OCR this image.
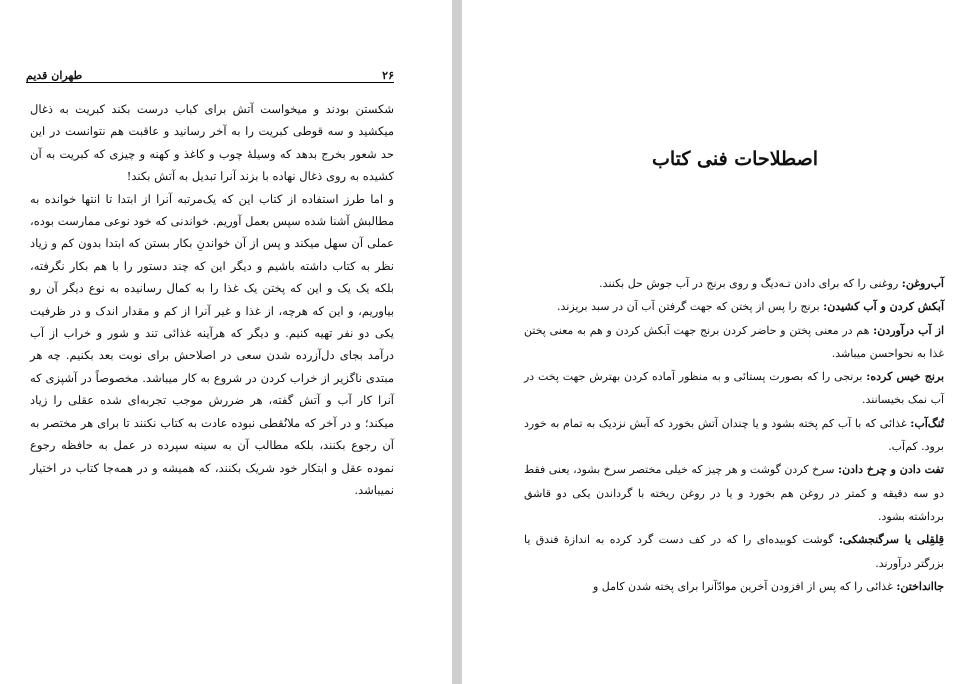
طهران قدیم	۲۶

شکستن بودند و میخواست آتش برای کباب درست بکند کبریت به ذغال میکشید و سه قوطی کبریت را به آخر رسانید و عاقبت هم نتوانست در این حد شعور بخرج بدهد که وسیلهٔ چوب و کاغذ و کهنه و چیزی که کبریت به آن کشیده به روی ذغال نهاده با بزند آنرا تبدیل به آتش بکند!

و اما طرز استفاده از کتاب این که یک‌مرتبه آنرا از ابتدا تا انتها خوانده به مطالبش آشنا شده سپس بعمل آوریم. خواندنی که خود نوعی ممارست بوده، عملی آن سهل میکند و پس از آن خواندنِ بکار بستن که ابتدا بدون کم و زیاد نظر به کتاب داشته باشیم و دیگر این که چند دستور را با هم بکار نگرفته، بلکه یک یک و این که پختن یک غذا را به کمال رسانیده به نوع دیگر آن رو بیاوریم، و این که هرچه، از غذا و غیر آنرا از کم و مقدار اندک و در ظرفیت یکی دو نفر تهیه کنیم. و دیگر که هرآینه غذائی تند و شور و خراب از آب درآمد بجای دل‌آزرده شدن سعی در اصلاحش برای نوبت بعد بکنیم. چه هر مبتدی ناگزیر از خراب کردن در شروع به کار میباشد. مخصوصاً در آشپزی که آنرا کار آب و آتش گفته، هر ضررش موجب تجربه‌ای شده عقلی را زیاد میکند؛ و در آخر که ملانُقطی نبوده عادت به کتاب نکنند تا برای هر مختصر به آن رجوع بکنند، بلکه مطالب آن به سینه سپرده در عمل به حافظه رجوع نموده عقل و ابتکار خود شریک بکنند، که همیشه و در همه‌جا کتاب در اختیار نمیباشد.

اصطلاحات فنی کتاب

آب‌روغن: روغنی را که برای دادن تـه‌دیگ و روی برنج در آب جوش حل بکنند.

آبکش کردن و آب کشیدن: برنج را پس از پختن که جهت گرفتن آب آن در سبد بریزند.

از آب درآوردن: هم در معنی پختن و حاضر کردن برنج جهت آبکش کردن و هم به معنی پختن غذا به نحواحسن میباشد.

برنج خیس کرده: برنجی را که بصورت پستائی و به منظور آماده کردن بهترش جهت پخت در آب نمک بخیسانند.

تُنگ‌آب: غذائی که با آب کم پخته بشود و یا چندان آتش بخورد که آبش نزدیک به تمام به خورد برود. کم‌آب.

تفت دادن و چرخ دادن: سرخ کردن گوشت و هر چیز که خیلی مختصر سرخ بشود، یعنی فقط دو سه دقیقه و کمتر در روغن هم بخورد و یا در روغن ریخته با گرداندن یکی دو قاشق برداشته بشود.

قِلقِلی یا سرگنجشکی: گوشت کوبیده‌ای را که در کف دست گرد کرده به اندازهٔ فندق یا بزرگتر درآورند.

جاانداختن: غذائی را که پس از افزودن آخرین موادّ‌آنرا برای پخته شدن کامل و
